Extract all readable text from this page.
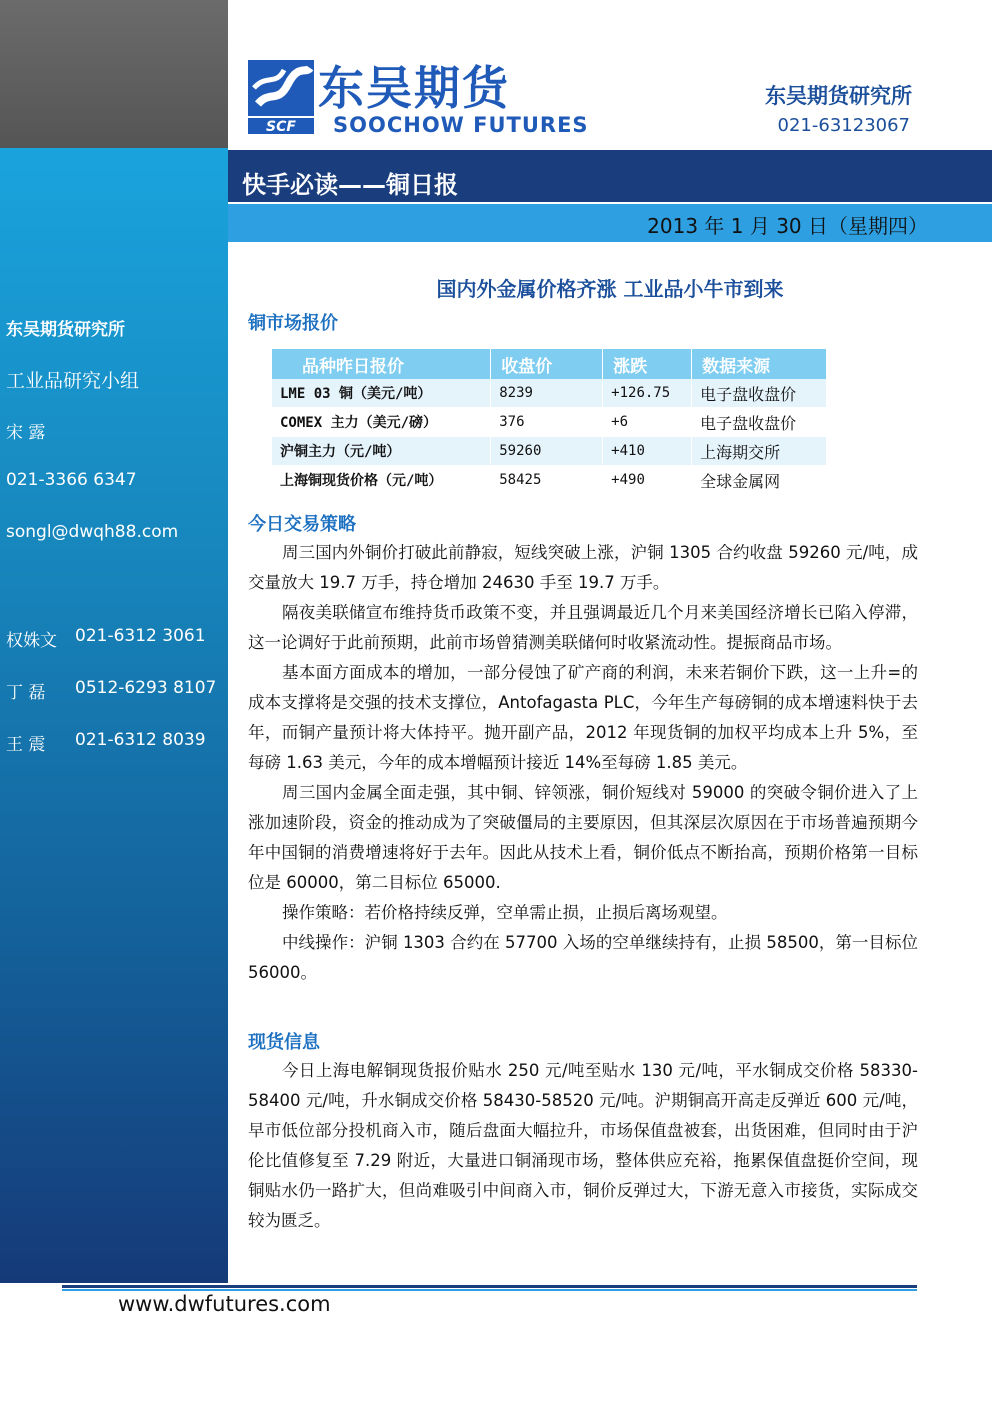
SCF
东吴期货
SOOCHOW FUTURES
东吴期货研究所
021-63123067
快手必读——铜日报
2013 年 1 月 30 日（星期四）
东吴期货研究所
工业品研究小组
宋 露
021-3366 6347
songl@dwqh88.com
权姝文 021-6312 3061
丁 磊 0512-6293 8107
王 震 021-6312 8039
国内外金属价格齐涨 工业品小牛市到来
铜市场报价
品种昨日报价	收盘价	涨跌	数据来源
LME 03 铜（美元/吨）	8239	+126.75	电子盘收盘价
COMEX 主力（美元/磅）	376	+6	电子盘收盘价
沪铜主力（元/吨）	59260	+410	上海期交所
上海铜现货价格（元/吨）	58425	+490	全球金属网
今日交易策略
周三国内外铜价打破此前静寂，短线突破上涨，沪铜 1305 合约收盘 59260 元/吨，成交量放大 19.7 万手，持仓增加 24630 手至 19.7 万手。
隔夜美联储宣布维持货币政策不变，并且强调最近几个月来美国经济增长已陷入停滞，这一论调好于此前预期，此前市场曾猜测美联储何时收紧流动性。提振商品市场。
基本面方面成本的增加，一部分侵蚀了矿产商的利润，未来若铜价下跌，这一上升=的成本支撑将是交强的技术支撑位，Antofagasta PLC，今年生产每磅铜的成本增速料快于去年，而铜产量预计将大体持平。抛开副产品，2012 年现货铜的加权平均成本上升 5%，至每磅 1.63 美元，今年的成本增幅预计接近 14%至每磅 1.85 美元。
周三国内金属全面走强，其中铜、锌领涨，铜价短线对 59000 的突破令铜价进入了上涨加速阶段，资金的推动成为了突破僵局的主要原因，但其深层次原因在于市场普遍预期今年中国铜的消费增速将好于去年。因此从技术上看，铜价低点不断抬高，预期价格第一目标位是 60000，第二目标位 65000.
操作策略：若价格持续反弹，空单需止损，止损后离场观望。
中线操作：沪铜 1303 合约在 57700 入场的空单继续持有，止损 58500，第一目标位 56000。
现货信息
今日上海电解铜现货报价贴水 250 元/吨至贴水 130 元/吨，平水铜成交价格 58330-58400 元/吨，升水铜成交价格 58430-58520 元/吨。沪期铜高开高走反弹近 600 元/吨，早市低位部分投机商入市，随后盘面大幅拉升，市场保值盘被套，出货困难，但同时由于沪伦比值修复至 7.29 附近，大量进口铜涌现市场，整体供应充裕，拖累保值盘挺价空间，现铜贴水仍一路扩大，但尚难吸引中间商入市，铜价反弹过大，下游无意入市接货，实际成交较为匮乏。
www.dwfutures.com
